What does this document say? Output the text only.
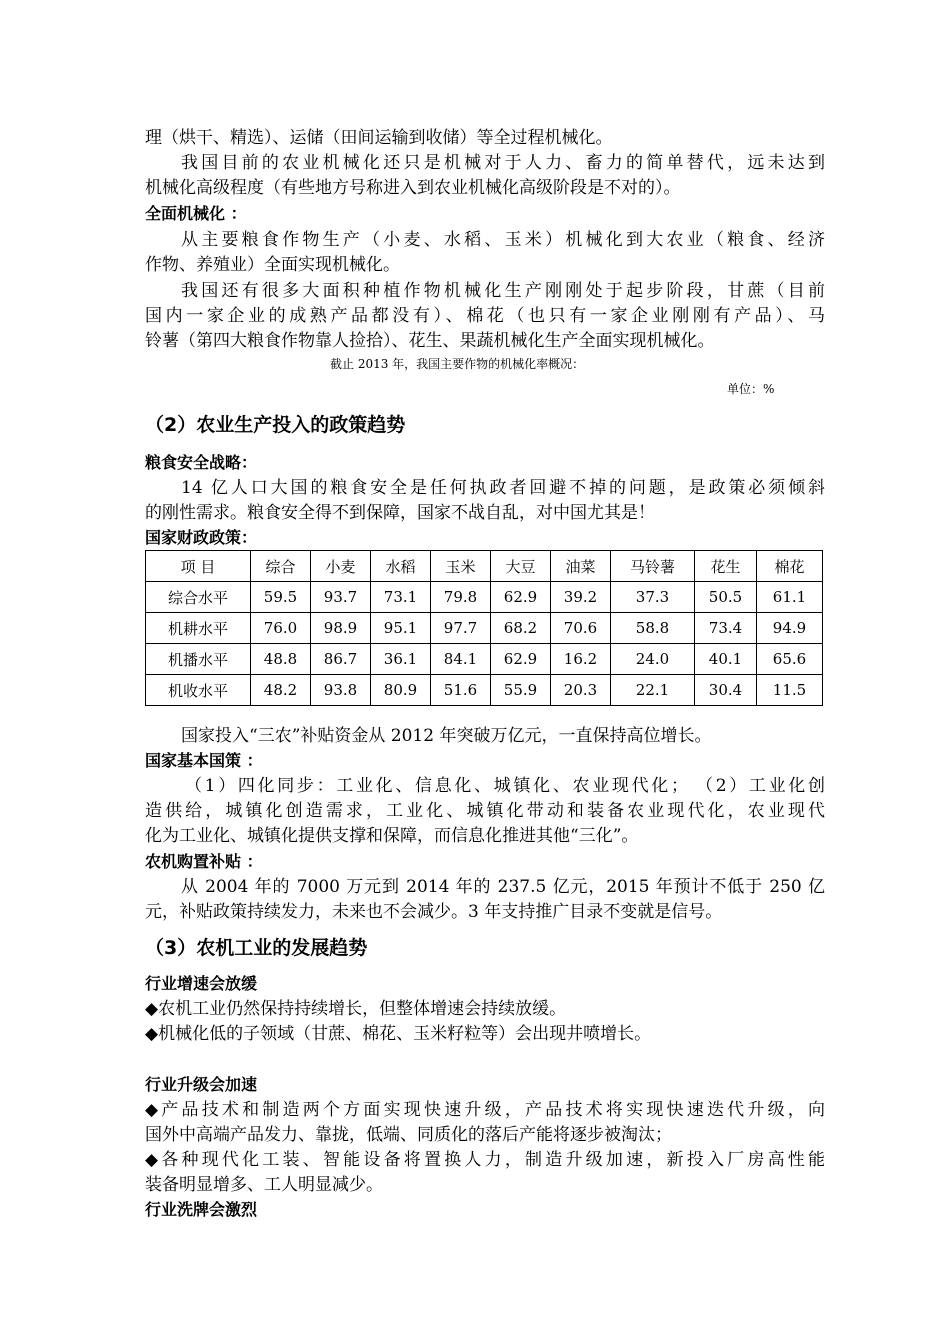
理（烘干、精选）、运储（田间运输到收储）等全过程机械化。
我国目前的农业机械化还只是机械对于人力、畜力的简单替代，远未达到
机械化高级程度（有些地方号称进入到农业机械化高级阶段是不对的）。
全面机械化 ：
从主要粮食作物生产（小麦、水稻、玉米）机械化到大农业（粮食、经济
作物、养殖业）全面实现机械化。
我国还有很多大面积种植作物机械化生产刚刚处于起步阶段，甘蔗（目前
国内一家企业的成熟产品都没有）、棉花（也只有一家企业刚刚有产品）、马
铃薯（第四大粮食作物靠人捡拾）、花生、果蔬机械化生产全面实现机械化。
截止 2013 年，我国主要作物的机械化率概况：
单位：%
（2）农业生产投入的政策趋势
粮食安全战略：
14 亿人口大国的粮食安全是任何执政者回避不掉的问题，是政策必须倾斜
的刚性需求。粮食安全得不到保障，国家不战自乱，对中国尤其是！
国家财政政策：
项 目	综合	小麦	水稻	玉米	大豆	油菜	马铃薯	花生	棉花
综合水平	59.5	93.7	73.1	79.8	62.9	39.2	37.3	50.5	61.1
机耕水平	76.0	98.9	95.1	97.7	68.2	70.6	58.8	73.4	94.9
机播水平	48.8	86.7	36.1	84.1	62.9	16.2	24.0	40.1	65.6
机收水平	48.2	93.8	80.9	51.6	55.9	20.3	22.1	30.4	11.5
国家投入“三农”补贴资金从 2012 年突破万亿元，一直保持高位增长。
国家基本国策 ：
（1）四化同步：工业化、信息化、城镇化、农业现代化； （2）工业化创
造供给，城镇化创造需求，工业化、城镇化带动和装备农业现代化，农业现代
化为工业化、城镇化提供支撑和保障，而信息化推进其他“三化”。
农机购置补贴 ：
从 2004 年的 7000 万元到 2014 年的 237.5 亿元，2015 年预计不低于 250 亿
元，补贴政策持续发力，未来也不会减少。3 年支持推广目录不变就是信号。
（3）农机工业的发展趋势
行业增速会放缓
◆农机工业仍然保持持续增长，但整体增速会持续放缓。
◆机械化低的子领域（甘蔗、棉花、玉米籽粒等）会出现井喷增长。
行业升级会加速
◆产品技术和制造两个方面实现快速升级，产品技术将实现快速迭代升级，向
国外中高端产品发力、靠拢，低端、同质化的落后产能将逐步被淘汰；
◆各种现代化工装、智能设备将置换人力，制造升级加速，新投入厂房高性能
装备明显增多、工人明显减少。
行业洗牌会激烈
